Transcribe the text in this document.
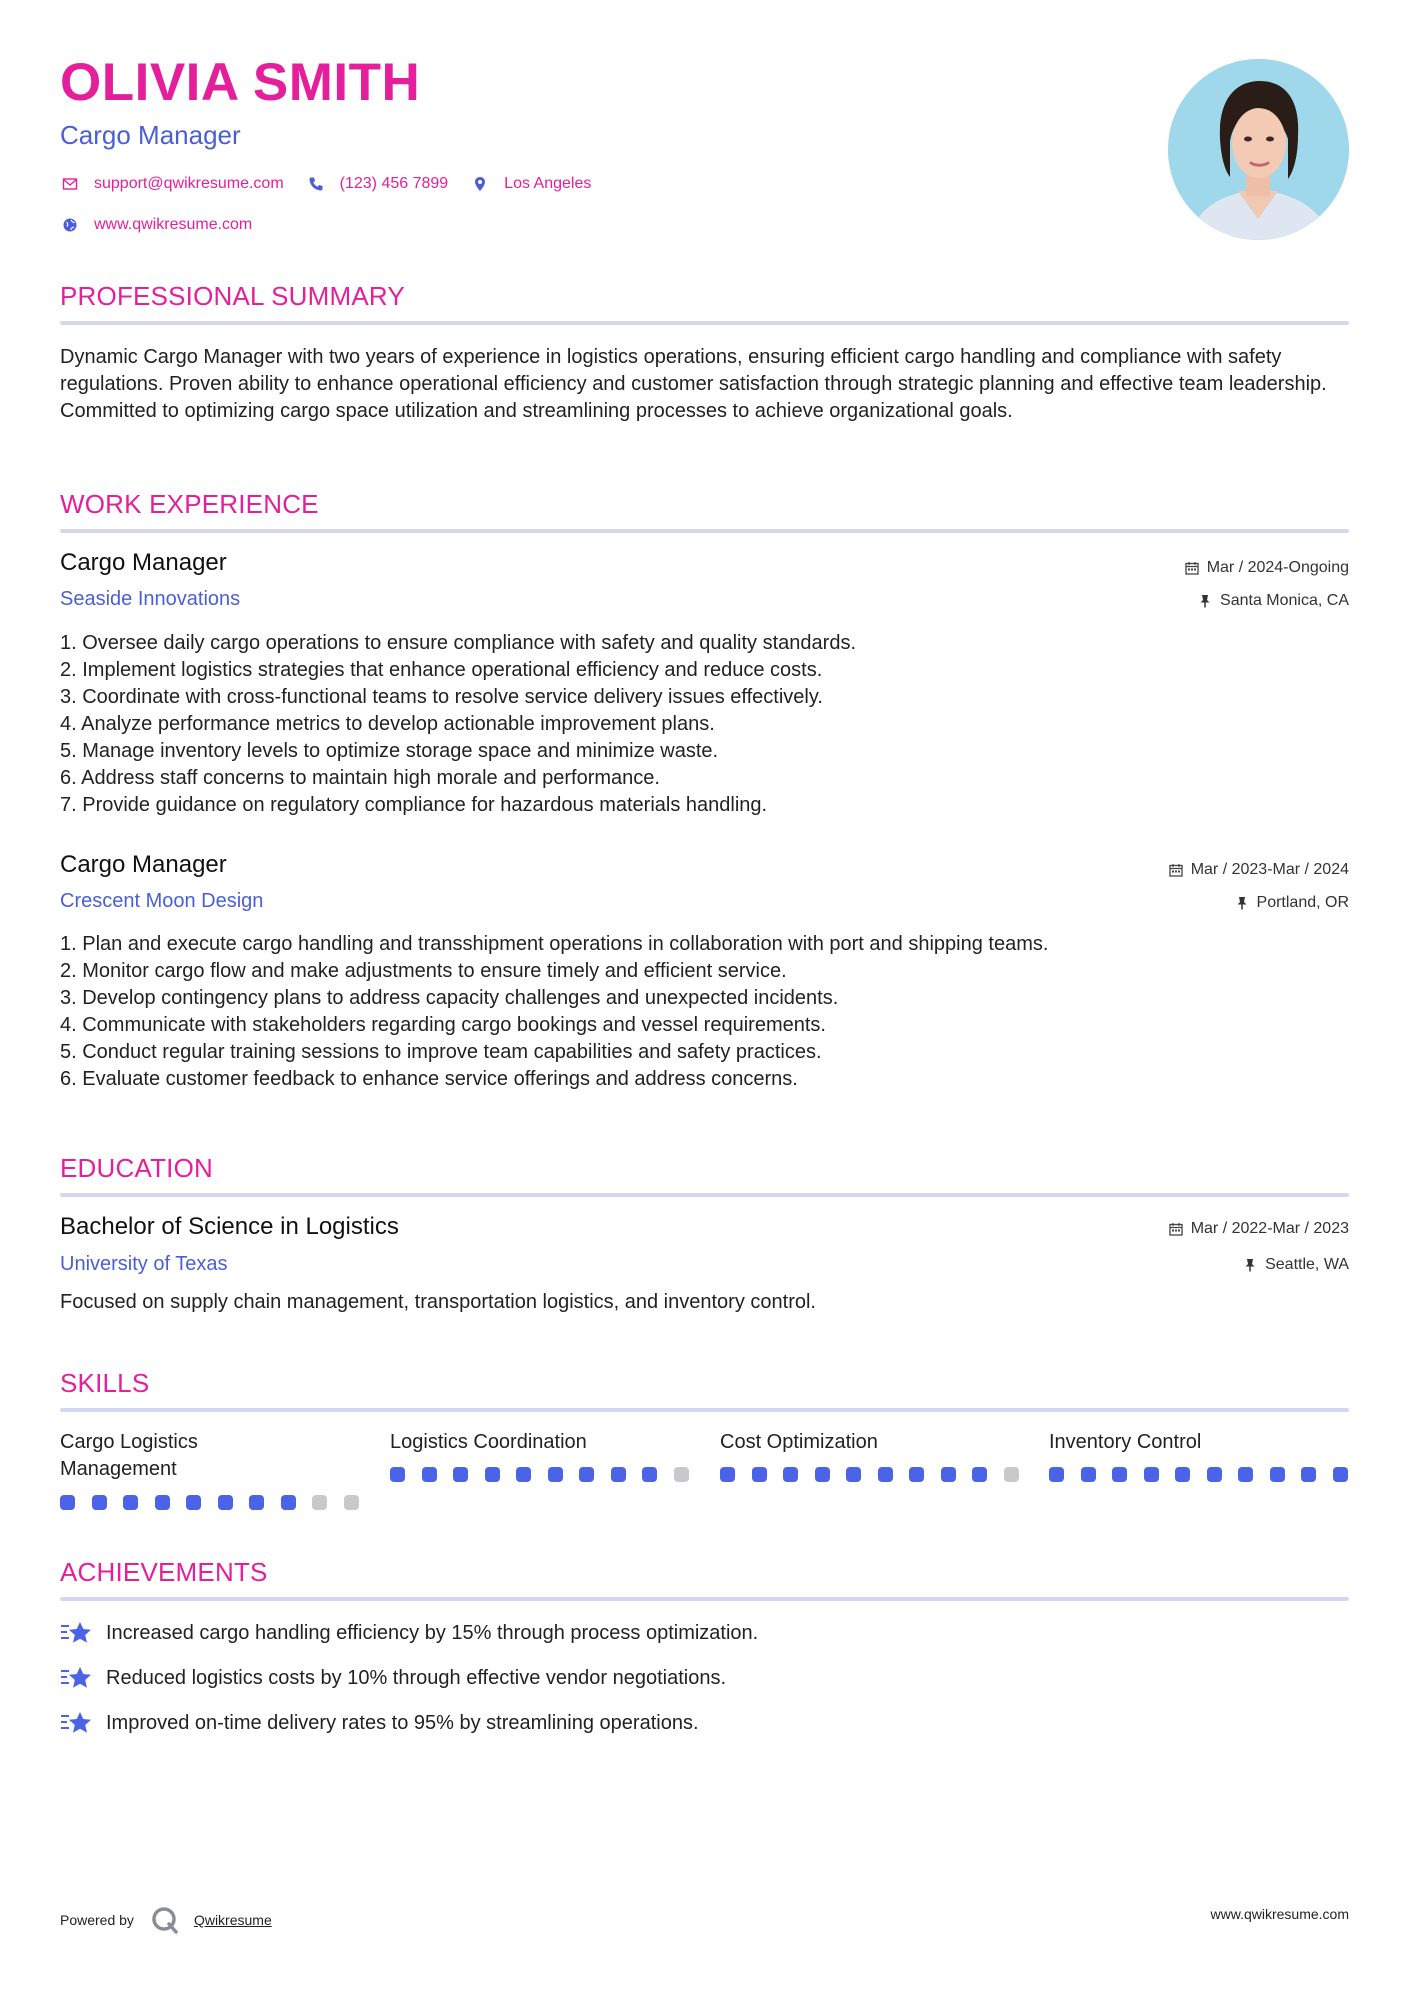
OLIVIA SMITH
Cargo Manager
support@qwikresume.com	(123) 456 7899	Los Angeles
www.qwikresume.com
PROFESSIONAL SUMMARY
Dynamic Cargo Manager with two years of experience in logistics operations, ensuring efficient cargo handling and compliance with safety regulations. Proven ability to enhance operational efficiency and customer satisfaction through strategic planning and effective team leadership. Committed to optimizing cargo space utilization and streamlining processes to achieve organizational goals.
WORK EXPERIENCE
Cargo Manager
Seaside Innovations
Mar / 2024-Ongoing
Santa Monica, CA
1. Oversee daily cargo operations to ensure compliance with safety and quality standards.
2. Implement logistics strategies that enhance operational efficiency and reduce costs.
3. Coordinate with cross-functional teams to resolve service delivery issues effectively.
4. Analyze performance metrics to develop actionable improvement plans.
5. Manage inventory levels to optimize storage space and minimize waste.
6. Address staff concerns to maintain high morale and performance.
7. Provide guidance on regulatory compliance for hazardous materials handling.
Cargo Manager
Crescent Moon Design
Mar / 2023-Mar / 2024
Portland, OR
1. Plan and execute cargo handling and transshipment operations in collaboration with port and shipping teams.
2. Monitor cargo flow and make adjustments to ensure timely and efficient service.
3. Develop contingency plans to address capacity challenges and unexpected incidents.
4. Communicate with stakeholders regarding cargo bookings and vessel requirements.
5. Conduct regular training sessions to improve team capabilities and safety practices.
6. Evaluate customer feedback to enhance service offerings and address concerns.
EDUCATION
Bachelor of Science in Logistics
University of Texas
Mar / 2022-Mar / 2023
Seattle, WA
Focused on supply chain management, transportation logistics, and inventory control.
SKILLS
Cargo Logistics Management
Logistics Coordination	Cost Optimization	Inventory Control
ACHIEVEMENTS
Increased cargo handling efficiency by 15% through process optimization.
Reduced logistics costs by 10% through effective vendor negotiations.
Improved on-time delivery rates to 95% by streamlining operations.
Powered by	Qwikresume	www.qwikresume.com
